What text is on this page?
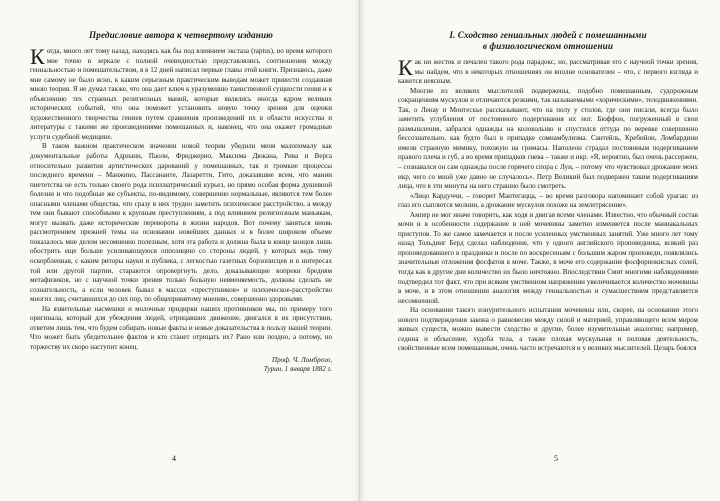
Предисловие автора к четвертому изданию

Когда, много лет тому назад, находясь как бы под влиянием экстаза (raptus), во время которого мне точно в зеркале с полной очевидностью представлялись соотношения между гениальностью и помешательством, я в 12 дней написал первые главы этой книги. Признаюсь, даже мне самому не было ясно, к каким серьезным практическим выводам может привести созданная мною теория. Я не думал также, что она дает ключ к уразумению таинственной сущности гения и к объяснению тех странных религиозных маний, которые являлись иногда ядром великих исторических событий, что она поможет установить новую точку зрения для оценки художественного творчества гениев путем сравнения произведений их в области искусства и литературы с такими же произведениями помешанных и, наконец, что она окажет громадные услуги судебной медицине.

В таком важном практическом значении новой теории убедили меня малопомалу как документальные работы Адриани, Паоли, Фриджерио, Максима Дюкана, Рива и Верга относительно развития артистических дарований у помешанных, так и громкие процессы последнего времени – Манжино, Пассананте, Лазаретти, Гито, доказавшие всем, что мании пиететства не есть только своего рода психиатрический курьез, но прямо особая форма душевной болезни и что подобные же субъекты, по-видимому, совершенно нормальные, являются тем более опасными членами общества, что сразу в них трудно заметить психическое расстройство, а между тем они бывают способными к крупным преступлениям, а под влиянием религиозным маньякам, могут вызвать даже исторические перевороты в жизни народов. Вот почему заняться вновь рассмотрением прежней темы на основании новейших данных и в более широком объеме показалось мне делом несомненно полезным, хотя эта работа и должна была в конце концов лишь обострить еще больше усиливающуюся оппозицию со стороны людей, у которых ведь тому оскорбленная, с каким риторы науки и публика, с легкостью газетных борзописцев и в интересах той или другой партии, стараются опровергнуть дело, доказывающие вопреки бредням метафизиков, но с научной точки зрения только больную невменяемость, должны сделать не сознательность, а если человек бывал в массах «преступников» и психическое-расстройство многих лиц, считавшихся до сих пор, по общепринятому мнению, совершенно здоровыми.

На язвительные насмешки и молочные придирки наших противников мы, по примеру того оригинала, который для убеждения людей, отрицавших движение, двигался в их присутствии, ответим лишь тем, что будем собирать новые факты и новые доказательства в пользу нашей теории. Что может быть убедительнее фактов и кто станет отрицать их? Рано или поздно, а потому, но торжеству их скоро наступит конец.

Проф. Ч. Ломброзо,
Турин, 1 января 1882 г.
4
I. Сходство гениальных людей с помешанными
в физиологическом отношении

Как ни жесток и печален такого рода парадокс, но, рассматривая его с научной точки зрения, мы найдем, что в некоторых отношениях он вполне основателен – что, с первого взгляда и кажется неясным.

Многие из великих мыслителей подвержены, подобно помешанным, судорожным сокращениям мускулов и отличаются резкими, так называемыми «хорическими», телодвижениями. Так, о Ленау и Монтескье рассказывают, что на полу у столов, где они писали, всегда было заметить углубления от постоянного подергивания их ног. Бюффон, погруженный в свои размышления, забрался однажды на колокольню и спустился оттуда по веревке совершенно бессознательно, как будто был в припадке сомнамбулизма. Сантейль, Кребийон, Ломбардини имели странную мимику, похожую на гримасы. Наполеон страдал постоянным подергиванием правого плеча и губ, а во время припадков гнева – также и икр. «Я, вероятно, был очень рассержен, – сознавался он сам однажды после горячего спора с Луи, – потому что чувствовал дрожание моих икр, чего со мной уже давно не случалось». Петр Великий был подвержен таким подергиваниям лица, что в эти минуты на него страшно было смотреть.

«Лицо Кардуччи, – говорит Мантегацца, – во время разговора напоминает собой ураган: из глаз его сыплются молнии, а дрожание мускулов похоже на землетрясение».

Ампер не мог иначе говорить, как ходя и двигая всеми членами. Известно, что обычный состав мочи и в особенности содержание в ней мочевины заметно изменяется после маниакальных приступов. То же самое замечается и после усиленных умственных занятий. Уже много лет тому назад Тольдинг Берд сделал наблюдение, что у одного английского проповедника, всякий раз проповедовавшего в праздники и после по воскресеньям с большим жаром проповеди, появлялись значительные отложения фосфатов в моче. Также, в моче его содержание фосфорнокислых солей, тогда как в другие дни количество их было ничтожно. Впоследствии Смит многими наблюдениями подтвердил тот факт, что при всяком умственном напряжении увеличивается количество мочевины в моче, и в этом отношении аналогия между гениальностью и сумасшествием представляется несомненной.

На основании такого изнурительного испытания мочевины или, скорее, на основании этого нового подтверждения закона о равновесии между силой и материей, управляющего всем миром живых существ, можно вывести сходство и другие, более изумительные аналогии; например, седина и облысение, худоба тела, а также плохая мускульная и половая деятельность, свойственные всем помешанным, очень часто встречаются и у великих мыслителей. Цезарь боялся

5
